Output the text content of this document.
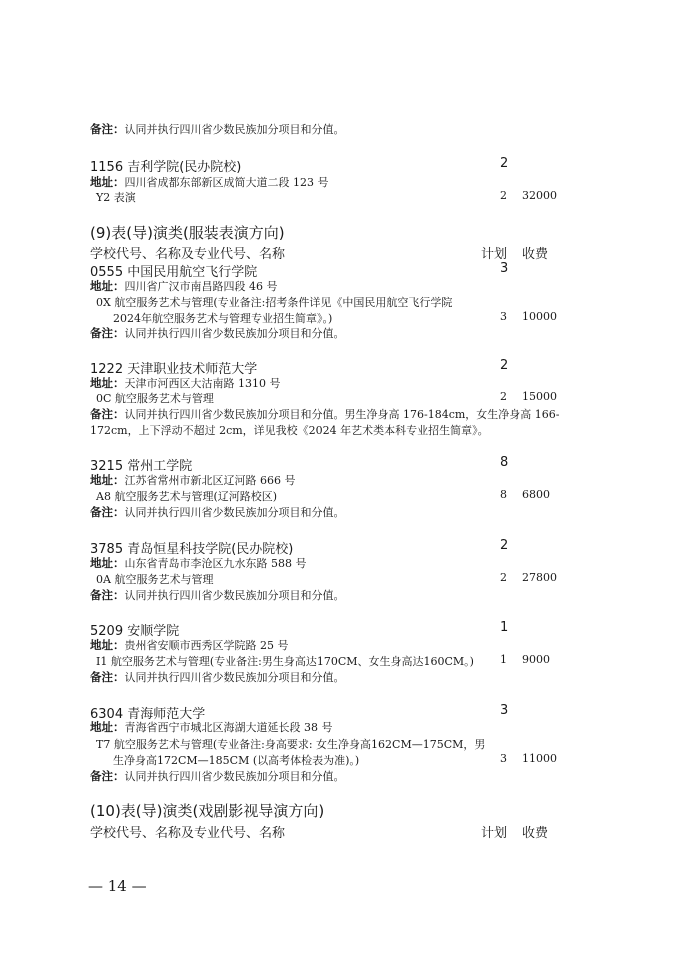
备注：认同并执行四川省少数民族加分项目和分值。
1156 吉利学院(民办院校)	2
地址：四川省成都东部新区成简大道二段 123 号
Y2 表演	2 32000
(9)表(导)演类(服装表演方向)
学校代号、名称及专业代号、名称	计划 收费
0555 中国民用航空飞行学院	3
地址：四川省广汉市南昌路四段 46 号
0X 航空服务艺术与管理(专业备注:招考条件详见《中国民用航空飞行学院
2024年航空服务艺术与管理专业招生简章》。)	3 10000
备注：认同并执行四川省少数民族加分项目和分值。
1222 天津职业技术师范大学	2
地址：天津市河西区大沽南路 1310 号
0C 航空服务艺术与管理	2 15000
备注：认同并执行四川省少数民族加分项目和分值。男生净身高 176-184cm，女生净身高 166-
172cm，上下浮动不超过 2cm，详见我校《2024 年艺术类本科专业招生简章》。
3215 常州工学院	8
地址：江苏省常州市新北区辽河路 666 号
A8 航空服务艺术与管理(辽河路校区)	8 6800
备注：认同并执行四川省少数民族加分项目和分值。
3785 青岛恒星科技学院(民办院校)	2
地址：山东省青岛市李沧区九水东路 588 号
0A 航空服务艺术与管理	2 27800
备注：认同并执行四川省少数民族加分项目和分值。
5209 安顺学院	1
地址：贵州省安顺市西秀区学院路 25 号
I1 航空服务艺术与管理(专业备注:男生身高达170CM、女生身高达160CM。) 1 9000
备注：认同并执行四川省少数民族加分项目和分值。
6304 青海师范大学	3
地址：青海省西宁市城北区海湖大道延长段 38 号
T7 航空服务艺术与管理(专业备注:身高要求: 女生净身高162CM—175CM，男
生净身高172CM—185CM (以高考体检表为准)。)	3 11000
备注：认同并执行四川省少数民族加分项目和分值。
(10)表(导)演类(戏剧影视导演方向)
学校代号、名称及专业代号、名称	计划 收费
— 14 —
